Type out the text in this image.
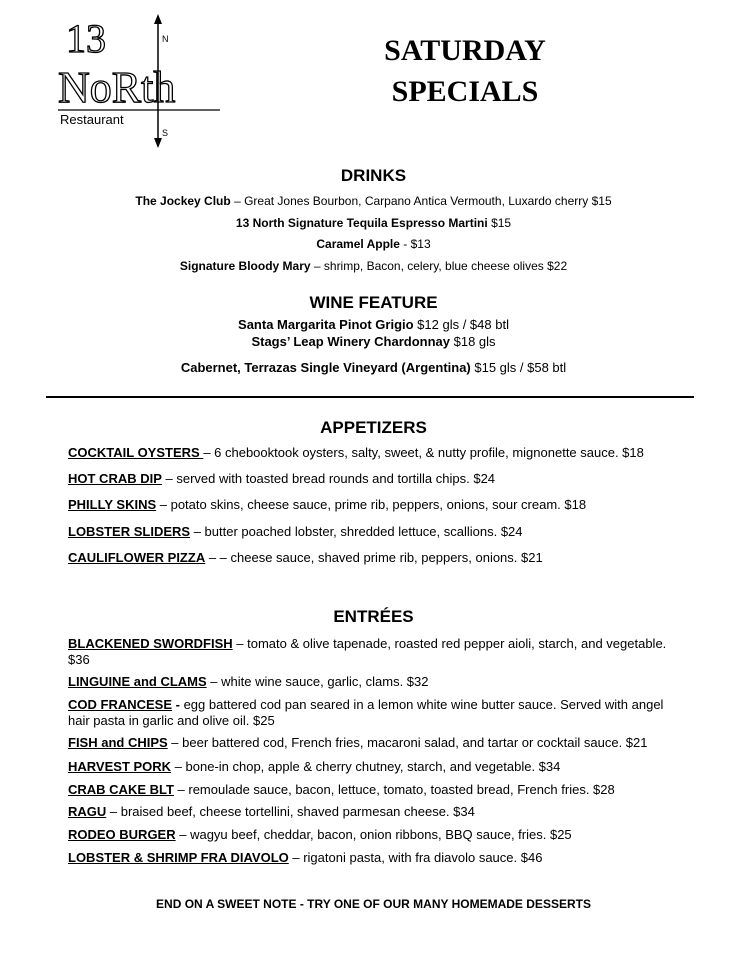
13
NoRth
Restaurant
N
S
SATURDAY
SPECIALS
DRINKS
The Jockey Club – Great Jones Bourbon, Carpano Antica Vermouth, Luxardo cherry $15
13 North Signature Tequila Espresso Martini $15
Caramel Apple - $13
Signature Bloody Mary – shrimp, Bacon, celery, blue cheese olives $22
WINE FEATURE
Santa Margarita Pinot Grigio $12 gls / $48 btl
Stags’ Leap Winery Chardonnay $18 gls
Cabernet, Terrazas Single Vineyard (Argentina) $15 gls / $58 btl
APPETIZERS
COCKTAIL OYSTERS – 6 chebooktook oysters, salty, sweet, & nutty profile, mignonette sauce. $18
HOT CRAB DIP – served with toasted bread rounds and tortilla chips. $24
PHILLY SKINS – potato skins, cheese sauce, prime rib, peppers, onions, sour cream. $18
LOBSTER SLIDERS – butter poached lobster, shredded lettuce, scallions. $24
CAULIFLOWER PIZZA – – cheese sauce, shaved prime rib, peppers, onions. $21
ENTRÉES
BLACKENED SWORDFISH – tomato & olive tapenade, roasted red pepper aioli, starch, and vegetable. $36
LINGUINE and CLAMS – white wine sauce, garlic, clams. $32
COD FRANCESE - egg battered cod pan seared in a lemon white wine butter sauce. Served with angel hair pasta in garlic and olive oil. $25
FISH and CHIPS – beer battered cod, French fries, macaroni salad, and tartar or cocktail sauce. $21
HARVEST PORK – bone-in chop, apple & cherry chutney, starch, and vegetable. $34
CRAB CAKE BLT – remoulade sauce, bacon, lettuce, tomato, toasted bread, French fries. $28
RAGU – braised beef, cheese tortellini, shaved parmesan cheese. $34
RODEO BURGER – wagyu beef, cheddar, bacon, onion ribbons, BBQ sauce, fries. $25
LOBSTER & SHRIMP FRA DIAVOLO – rigatoni pasta, with fra diavolo sauce. $46
END ON A SWEET NOTE - TRY ONE OF OUR MANY HOMEMADE DESSERTS
